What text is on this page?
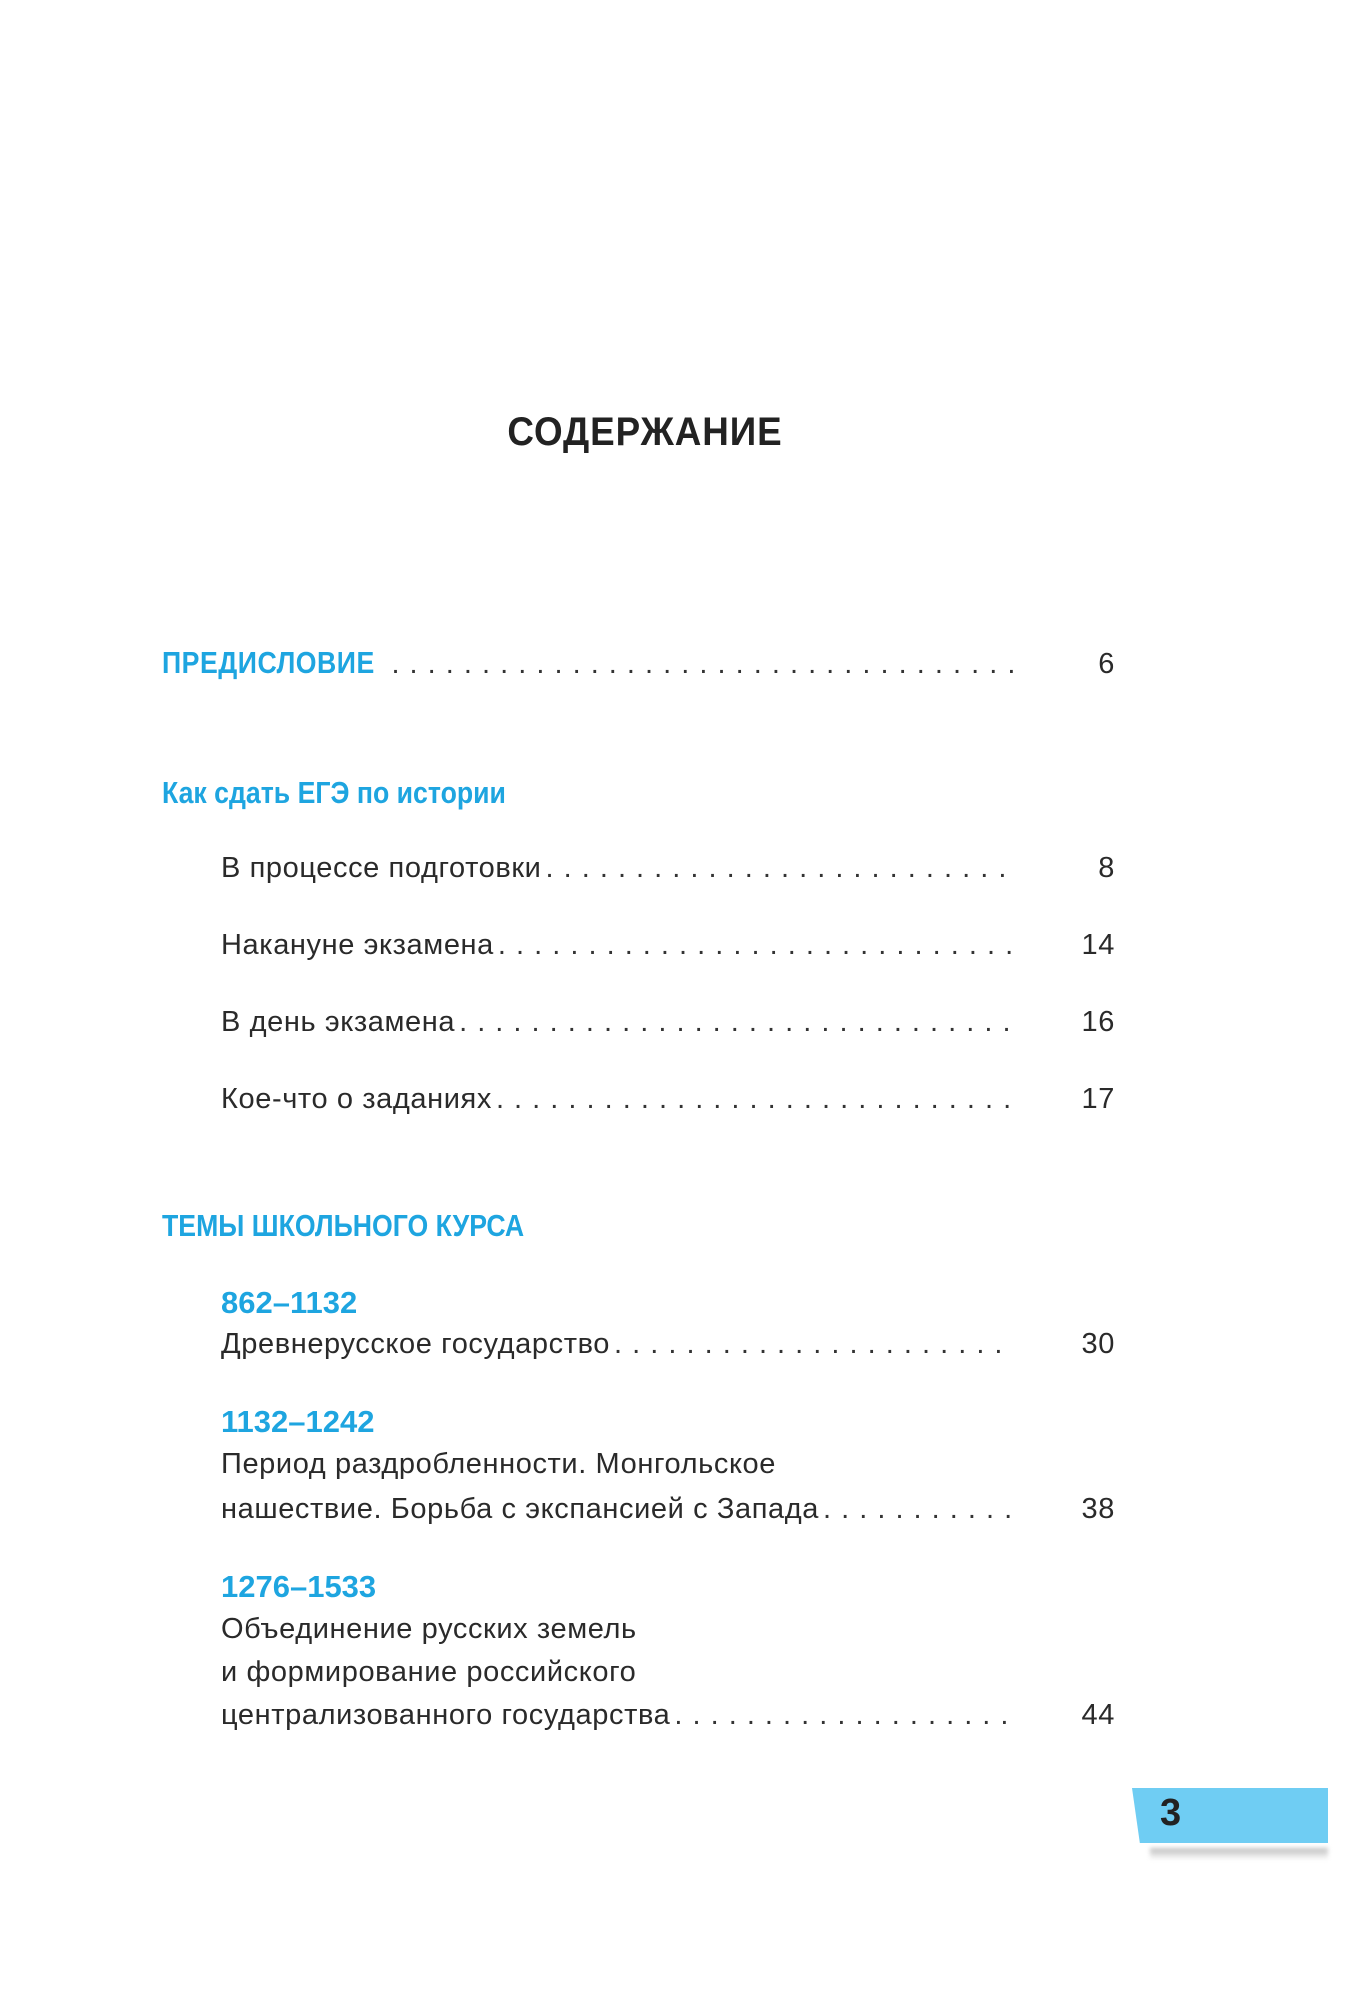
СОДЕРЖАНИЕ
ПРЕДИСЛОВИЕ . . .	6
Как сдать ЕГЭ по истории
В процессе подготовки . . .	8
Накануне экзамена . . .	14
В день экзамена . . .	16
Кое-что о заданиях . . .	17
ТЕМЫ ШКОЛЬНОГО КУРСА
862–1132
Древнерусское государство . . .	30
1132–1242
Период раздробленности. Монгольское
нашествие. Борьба с экспансией с Запада . . .	38
1276–1533
Объединение русских земель
и формирование российского
централизованного государства . . .	44
3
